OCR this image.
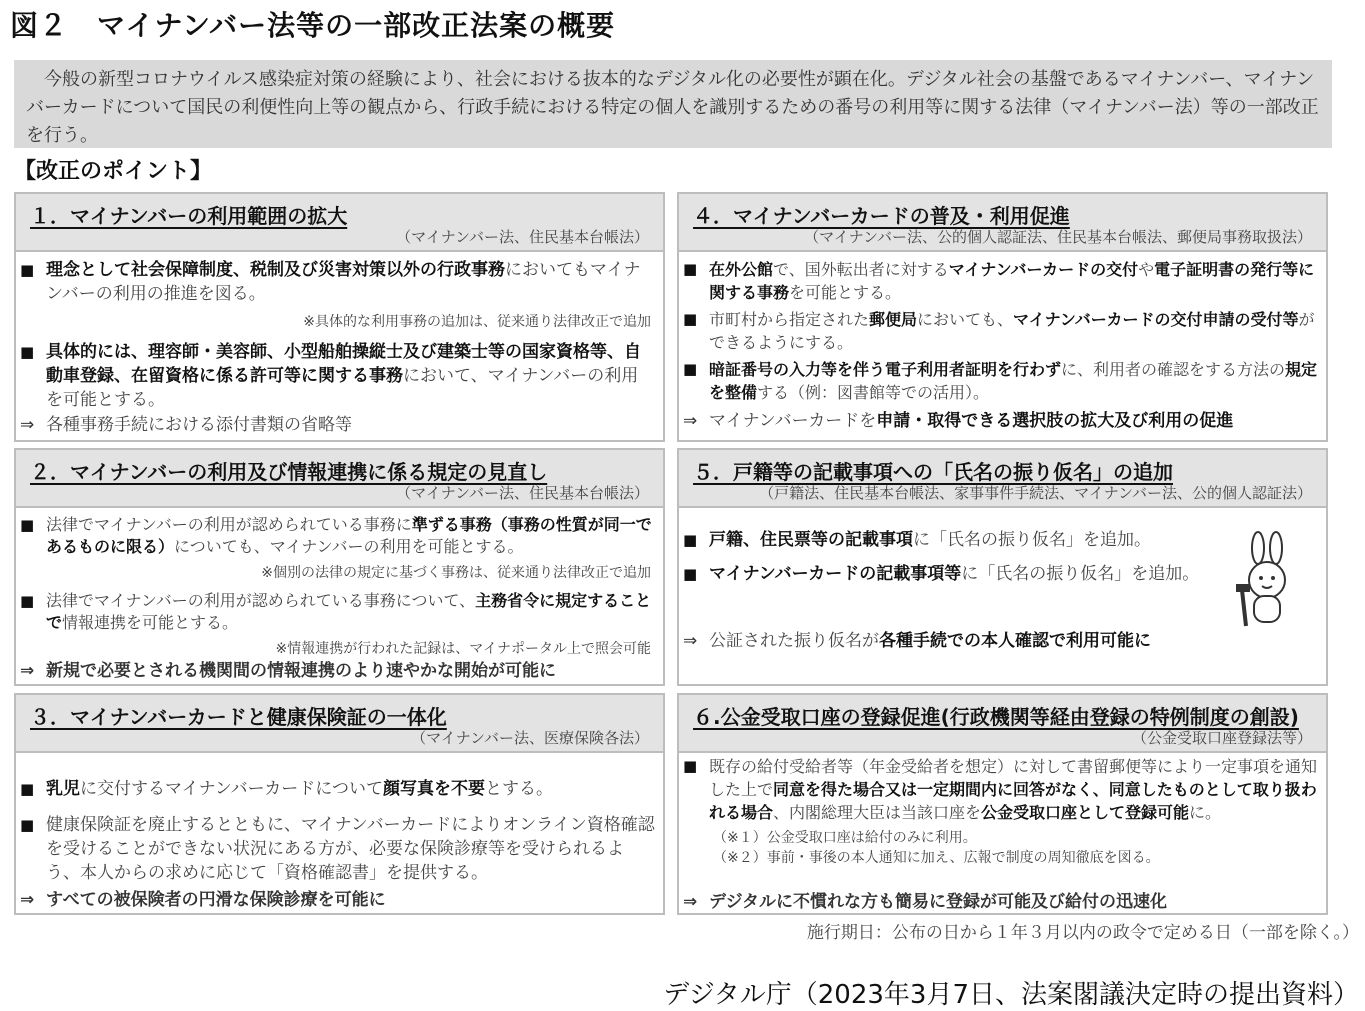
図２　マイナンバー法等の一部改正法案の概要
　今般の新型コロナウイルス感染症対策の経験により、社会における抜本的なデジタル化の必要性が顕在化。デジタル社会の基盤であるマイナンバー、マイナンバーカードについて国民の利便性向上等の観点から、行政手続における特定の個人を識別するための番号の利用等に関する法律（マイナンバー法）等の一部改正を行う。
【改正のポイント】
１．マイナンバーの利用範囲の拡大
（マイナンバー法、住民基本台帳法）
■ 理念として社会保障制度、税制及び災害対策以外の行政事務においてもマイナンバーの利用の推進を図る。
※具体的な利用事務の追加は、従来通り法律改正で追加
■ 具体的には、理容師・美容師、小型船舶操縦士及び建築士等の国家資格等、自動車登録、在留資格に係る許可等に関する事務において、マイナンバーの利用を可能とする。
⇒ 各種事務手続における添付書類の省略等
２．マイナンバーの利用及び情報連携に係る規定の見直し
（マイナンバー法、住民基本台帳法）
■ 法律でマイナンバーの利用が認められている事務に準ずる事務（事務の性質が同一であるものに限る）についても、マイナンバーの利用を可能とする。
※個別の法律の規定に基づく事務は、従来通り法律改正で追加
■ 法律でマイナンバーの利用が認められている事務について、主務省令に規定することで情報連携を可能とする。
※情報連携が行われた記録は、マイナポータル上で照会可能
⇒ 新規で必要とされる機関間の情報連携のより速やかな開始が可能に
３．マイナンバーカードと健康保険証の一体化
（マイナンバー法、医療保険各法）
■ 乳児に交付するマイナンバーカードについて顔写真を不要とする。
■ 健康保険証を廃止するとともに、マイナンバーカードによりオンライン資格確認を受けることができない状況にある方が、必要な保険診療等を受けられるよう、本人からの求めに応じて「資格確認書」を提供する。
⇒ すべての被保険者の円滑な保険診療を可能に
４．マイナンバーカードの普及・利用促進
（マイナンバー法、公的個人認証法、住民基本台帳法、郵便局事務取扱法）
■ 在外公館で、国外転出者に対するマイナンバーカードの交付や電子証明書の発行等に関する事務を可能とする。
■ 市町村から指定された郵便局においても、マイナンバーカードの交付申請の受付等ができるようにする。
■ 暗証番号の入力等を伴う電子利用者証明を行わずに、利用者の確認をする方法の規定を整備する（例：図書館等での活用）。
⇒ マイナンバーカードを申請・取得できる選択肢の拡大及び利用の促進
５．戸籍等の記載事項への「氏名の振り仮名」の追加
（戸籍法、住民基本台帳法、家事事件手続法、マイナンバー法、公的個人認証法）
■ 戸籍、住民票等の記載事項に「氏名の振り仮名」を追加。
■ マイナンバーカードの記載事項等に「氏名の振り仮名」を追加。
⇒ 公証された振り仮名が各種手続での本人確認で利用可能に
６.公金受取口座の登録促進(行政機関等経由登録の特例制度の創設)
（公金受取口座登録法等）
■ 既存の給付受給者等（年金受給者を想定）に対して書留郵便等により一定事項を通知した上で同意を得た場合又は一定期間内に回答がなく、同意したものとして取り扱われる場合、内閣総理大臣は当該口座を公金受取口座として登録可能に。
（※１）公金受取口座は給付のみに利用。
（※２）事前・事後の本人通知に加え、広報で制度の周知徹底を図る。
⇒ デジタルに不慣れな方も簡易に登録が可能及び給付の迅速化
施行期日：公布の日から１年３月以内の政令で定める日（一部を除く。）
デジタル庁（2023年3月7日、法案閣議決定時の提出資料）
